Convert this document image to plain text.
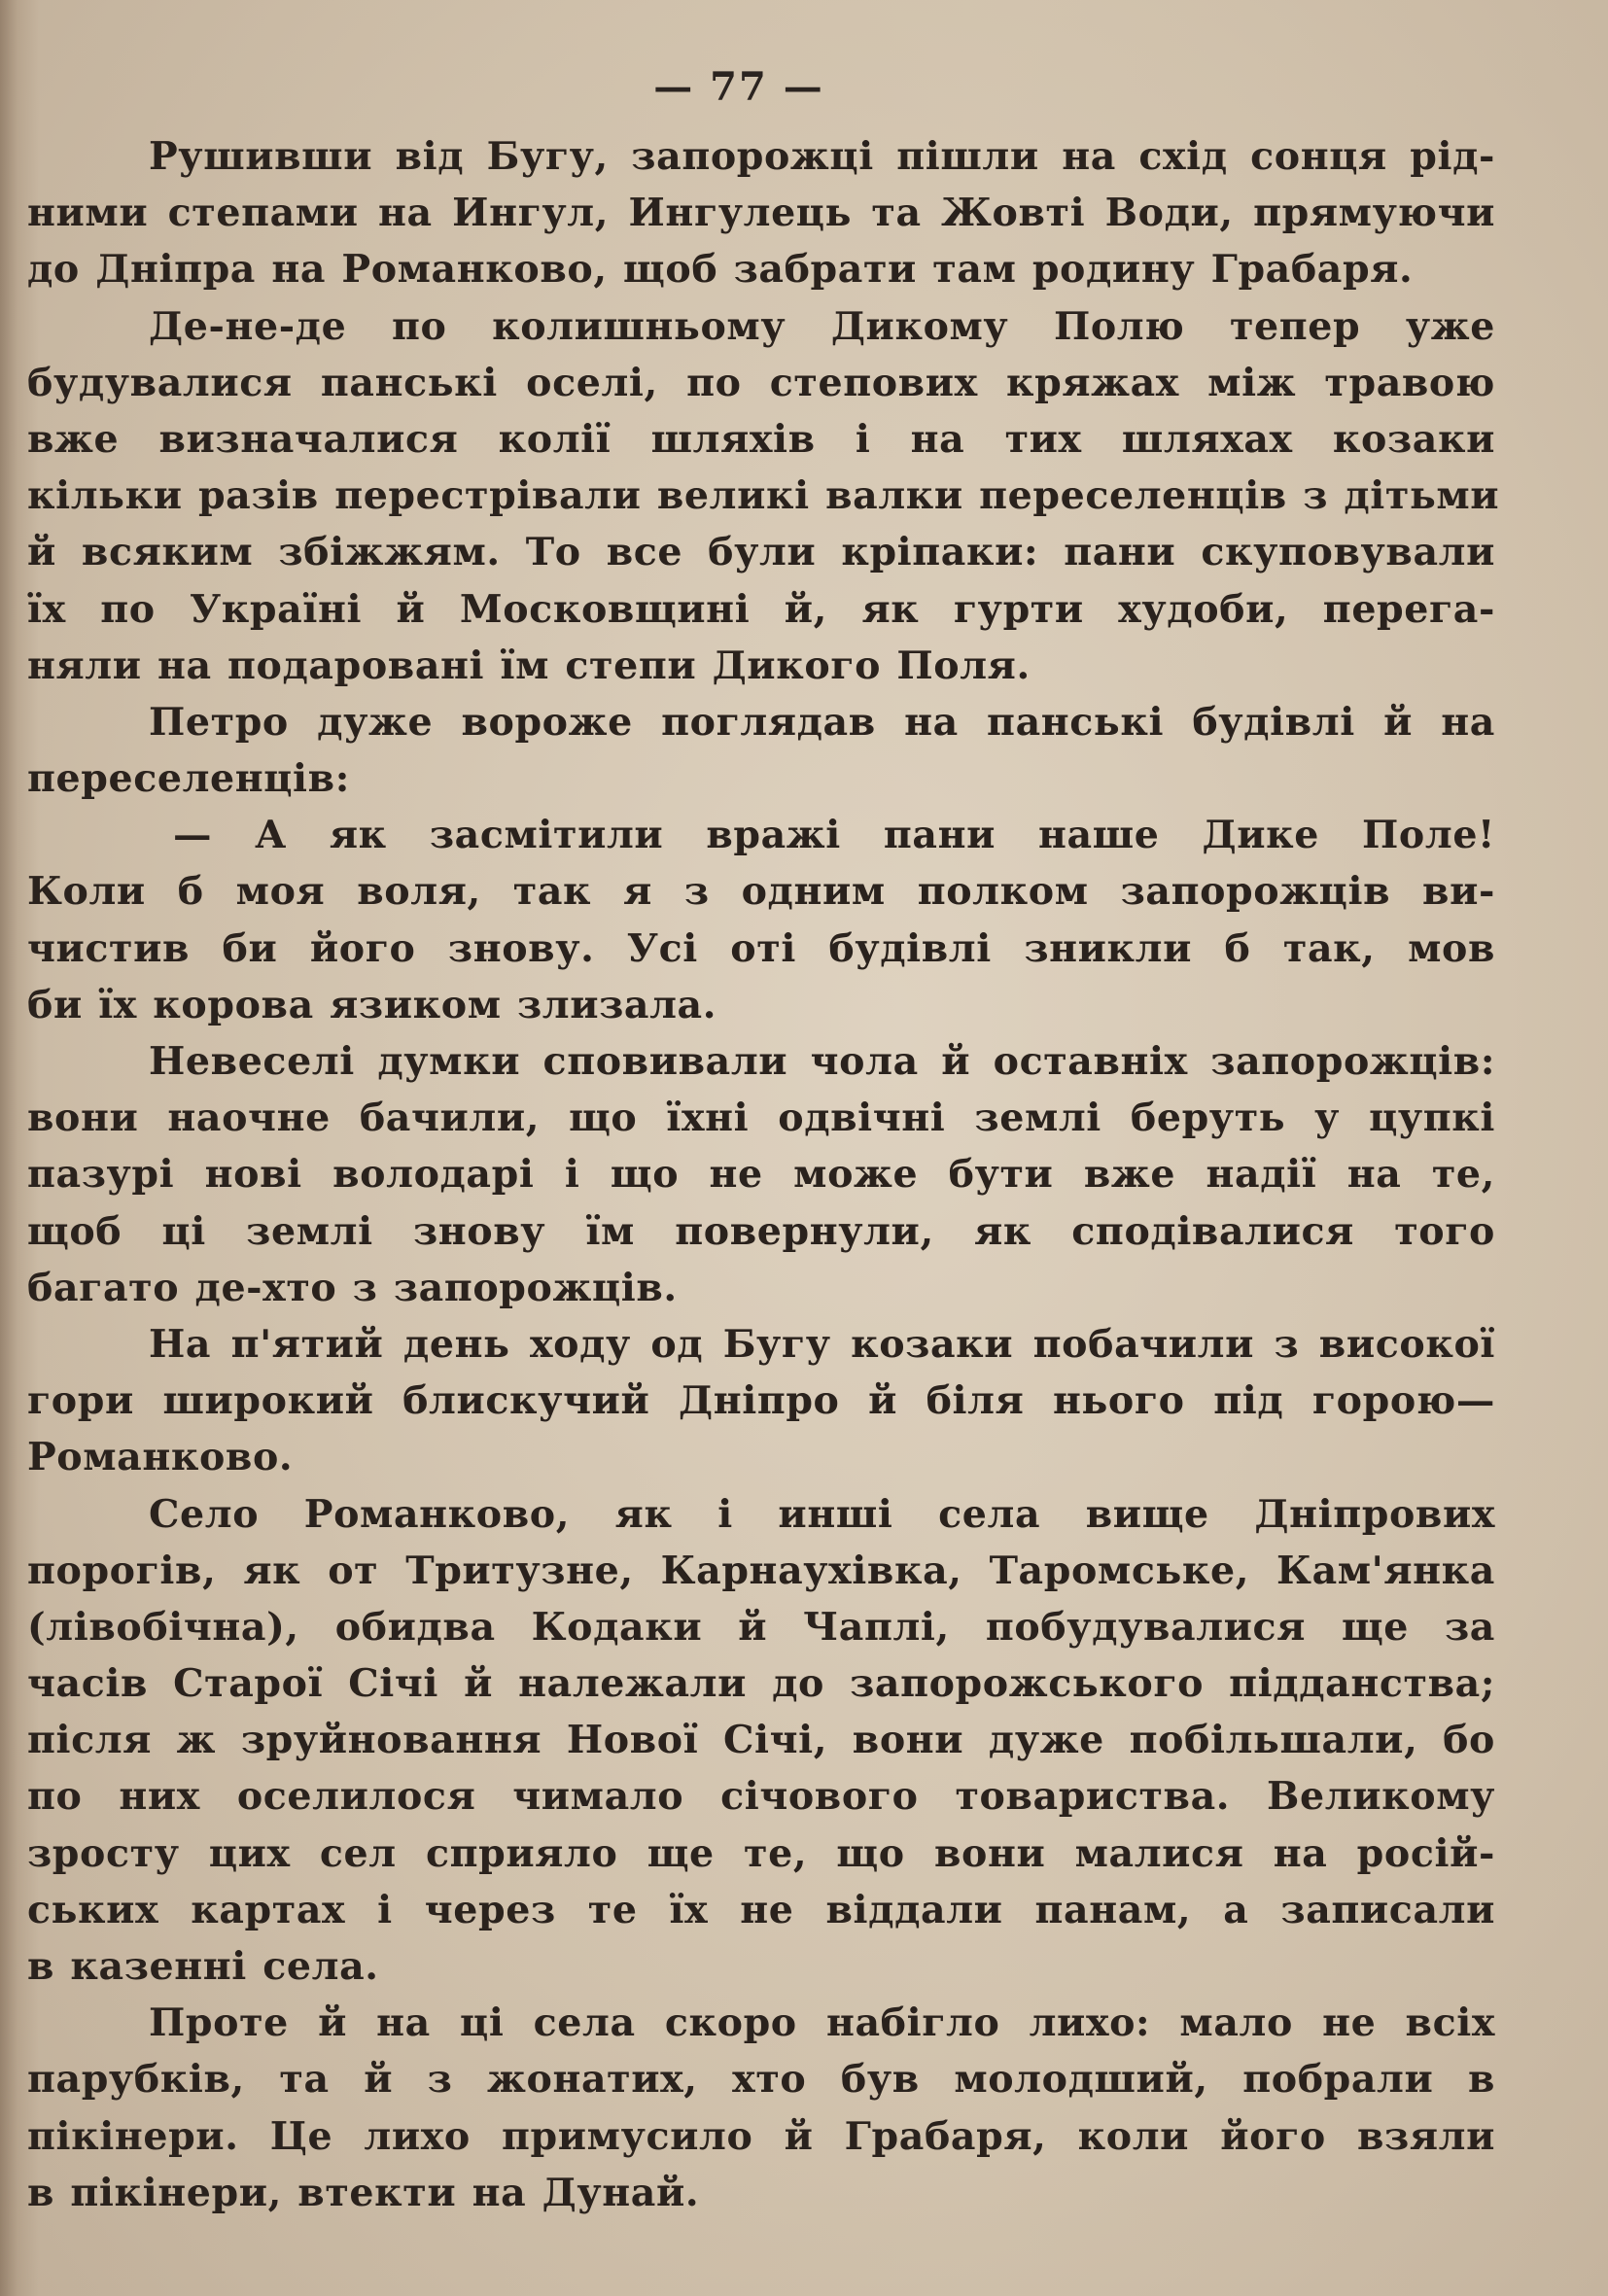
— 77 —
Рушивши від Бугу, запорожці пішли на схід сонця рід-
ними степами на Ингул, Ингулець та Жовті Води, прямуючи
до Дніпра на Романково, щоб забрати там родину Грабаря.
Де-не-де по колишньому Дикому Полю тепер уже
будувалися панські оселі, по степових кряжах між травою
вже визначалися колії шляхів і на тих шляхах козаки
кільки разів перестрівали великі валки переселенців з дітьми
й всяким збіжжям. То все були кріпаки: пани скуповували
їх по Україні й Московщині й, як гурти худоби, перега-
няли на подаровані їм степи Дикого Поля.
Петро дуже вороже поглядав на панські будівлі й на
переселенців:
— А як засмітили вражі пани наше Дике Поле!
Коли б моя воля, так я з одним полком запорожців ви-
чистив би його знову. Усі оті будівлі зникли б так, мов
би їх корова язиком злизала.
Невеселі думки сповивали чола й оставніх запорожців:
вони наочне бачили, що їхні одвічні землі беруть у цупкі
пазурі нові володарі і що не може бути вже надії на те,
щоб ці землі знову їм повернули, як сподівалися того
багато де-хто з запорожців.
На п'ятий день ходу од Бугу козаки побачили з високої
гори широкий блискучий Дніпро й біля нього під горою—
Романково.
Село Романково, як і инші села вище Дніпрових
порогів, як от Тритузне, Карнаухівка, Таромське, Кам'янка
(лівобічна), обидва Кодаки й Чаплі, побудувалися ще за
часів Старої Січі й належали до запорожського підданства;
після ж зруйновання Нової Січі, вони дуже побільшали, бо
по них оселилося чимало січового товариства. Великому
зросту цих сел сприяло ще те, що вони малися на росій-
ських картах і через те їх не віддали панам, а записали
в казенні села.
Проте й на ці села скоро набігло лихо: мало не всіх
парубків, та й з жонатих, хто був молодший, побрали в
пікінери. Це лихо примусило й Грабаря, коли його взяли
в пікінери, втекти на Дунай.
